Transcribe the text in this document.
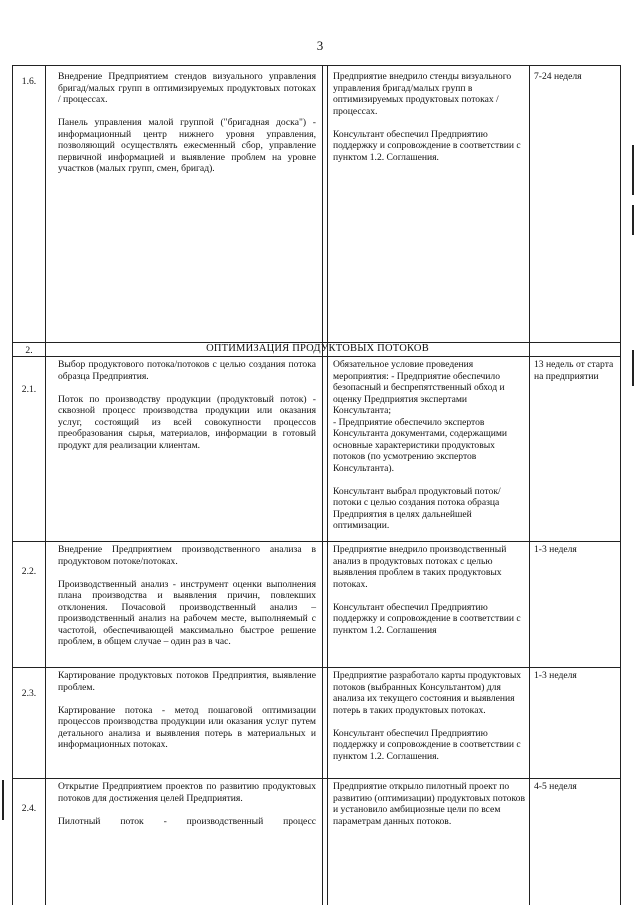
3
1.6.	Внедрение Предприятием стендов визуального управления бригад/малых групп в оптимизируемых продуктовых потоках / процессах.

Панель управления малой группой ("бригадная доска") - информационный центр нижнего уровня управления, позволяющий осуществлять ежесменный сбор, управление первичной информацией и выявление проблем на уровне участков (малых групп, смен, бригад).

Предприятие внедрило стенды визуального управления бригад/малых групп в оптимизируемых продуктовых потоках / процессах.

Консультант обеспечил Предприятию поддержку и сопровождение в соответствии с пунктом 1.2. Соглашения.

7-24 неделя
2.	ОПТИМИЗАЦИЯ ПРОДУКТОВЫХ ПОТОКОВ
2.1.

Выбор продуктового потока/потоков с целью создания потока образца Предприятия.

Поток по производству продукции (продуктовый поток) - сквозной процесс производства продукции или оказания услуг, состоящий из всей совокупности процессов преобразования сырья, материалов, информации в готовый продукт для реализации клиентам.

Обязательное условие проведения мероприятия: - Предприятие обеспечило безопасный и беспрепятственный обход и оценку Предприятия экспертами Консультанта;
- Предприятие обеспечило экспертов Консультанта документами, содержащими основные характеристики продуктовых потоков (по усмотрению экспертов Консультанта).

Консультант выбрал продуктовый поток/потоки с целью создания потока образца Предприятия в целях дальнейшей оптимизации.

13 недель от старта на предприятии
2.2.

Внедрение Предприятием производственного анализа в продуктовом потоке/потоках.

Производственный анализ - инструмент оценки выполнения плана производства и выявления причин, повлекших отклонения. Почасовой производственный анализ – производственный анализ на рабочем месте, выполняемый с частотой, обеспечивающей максимально быстрое решение проблем, в общем случае – один раз в час.

Предприятие внедрило производственный анализ в продуктовых потоках с целью выявления проблем в таких продуктовых потоках.

Консультант обеспечил Предприятию поддержку и сопровождение в соответствии с пунктом 1.2. Соглашения

1-3 неделя
2.3.

Картирование продуктовых потоков Предприятия, выявление проблем.

Картирование потока - метод пошаговой оптимизации процессов производства продукции или оказания услуг путем детального анализа и выявления потерь в материальных и информационных потоках.

Предприятие разработало карты продуктовых потоков (выбранных Консультантом) для анализа их текущего состояния и выявления потерь в таких продуктовых потоках.

Консультант обеспечил Предприятию поддержку и сопровождение в соответствии с пунктом 1.2. Соглашения.

1-3 неделя
2.4.

Открытие Предприятием проектов по развитию продуктовых потоков для достижения целей Предприятия.

Пилотный поток - производственный процесс

Предприятие открыло пилотный проект по развитию (оптимизации) продуктовых потоков и установило амбициозные цели по всем параметрам данных потоков.

4-5 неделя
